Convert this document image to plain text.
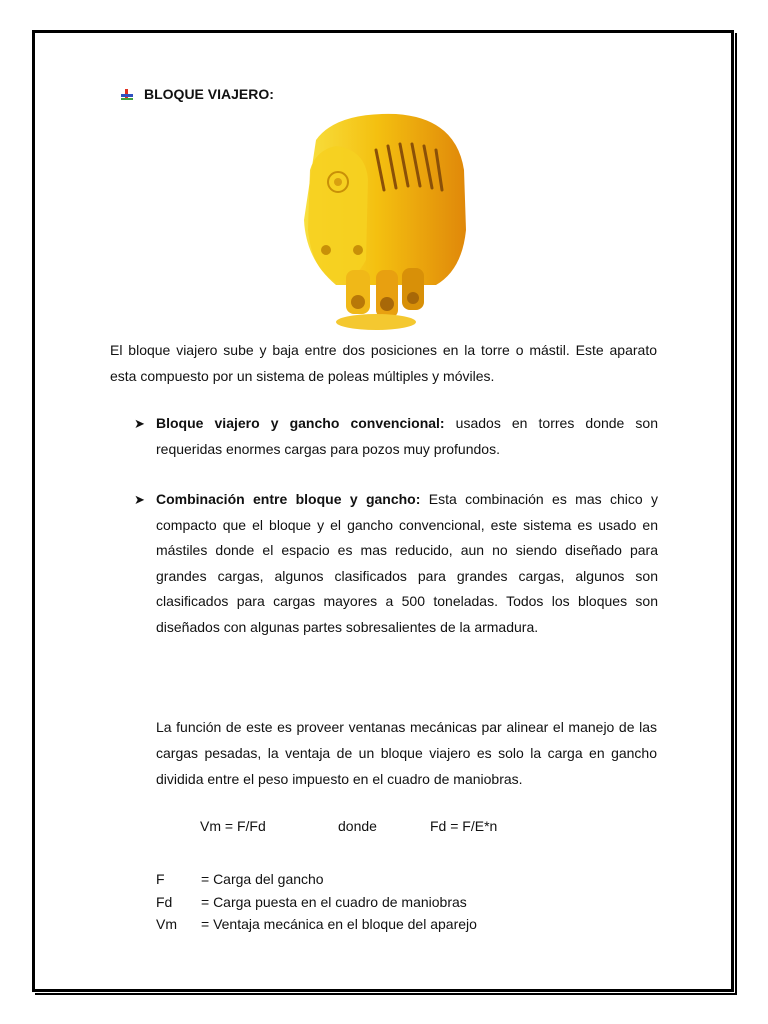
BLOQUE VIAJERO:

El bloque viajero sube y baja entre dos posiciones en la torre o mástil. Este aparato esta compuesto por un sistema de poleas múltiples y móviles.

➤ Bloque viajero y gancho convencional: usados en torres donde son requeridas enormes cargas para pozos muy profundos.
➤ Combinación entre bloque y gancho: Esta combinación es mas chico y compacto que el bloque y el gancho convencional, este sistema es usado en mástiles donde el espacio es mas reducido, aun no siendo diseñado para grandes cargas, algunos clasificados para grandes cargas, algunos son clasificados para cargas mayores a 500 toneladas. Todos los bloques son diseñados con algunas partes sobresalientes de la armadura.

La función de este es proveer ventanas mecánicas par alinear el manejo de las cargas pesadas, la ventaja de un bloque viajero es solo la carga en gancho dividida entre el peso impuesto en el cuadro de maniobras.

Vm = F/Fd	donde	Fd = F/E*n
F	= Carga del gancho
Fd	= Carga puesta en el cuadro de maniobras
Vm	= Ventaja mecánica en el bloque del aparejo
